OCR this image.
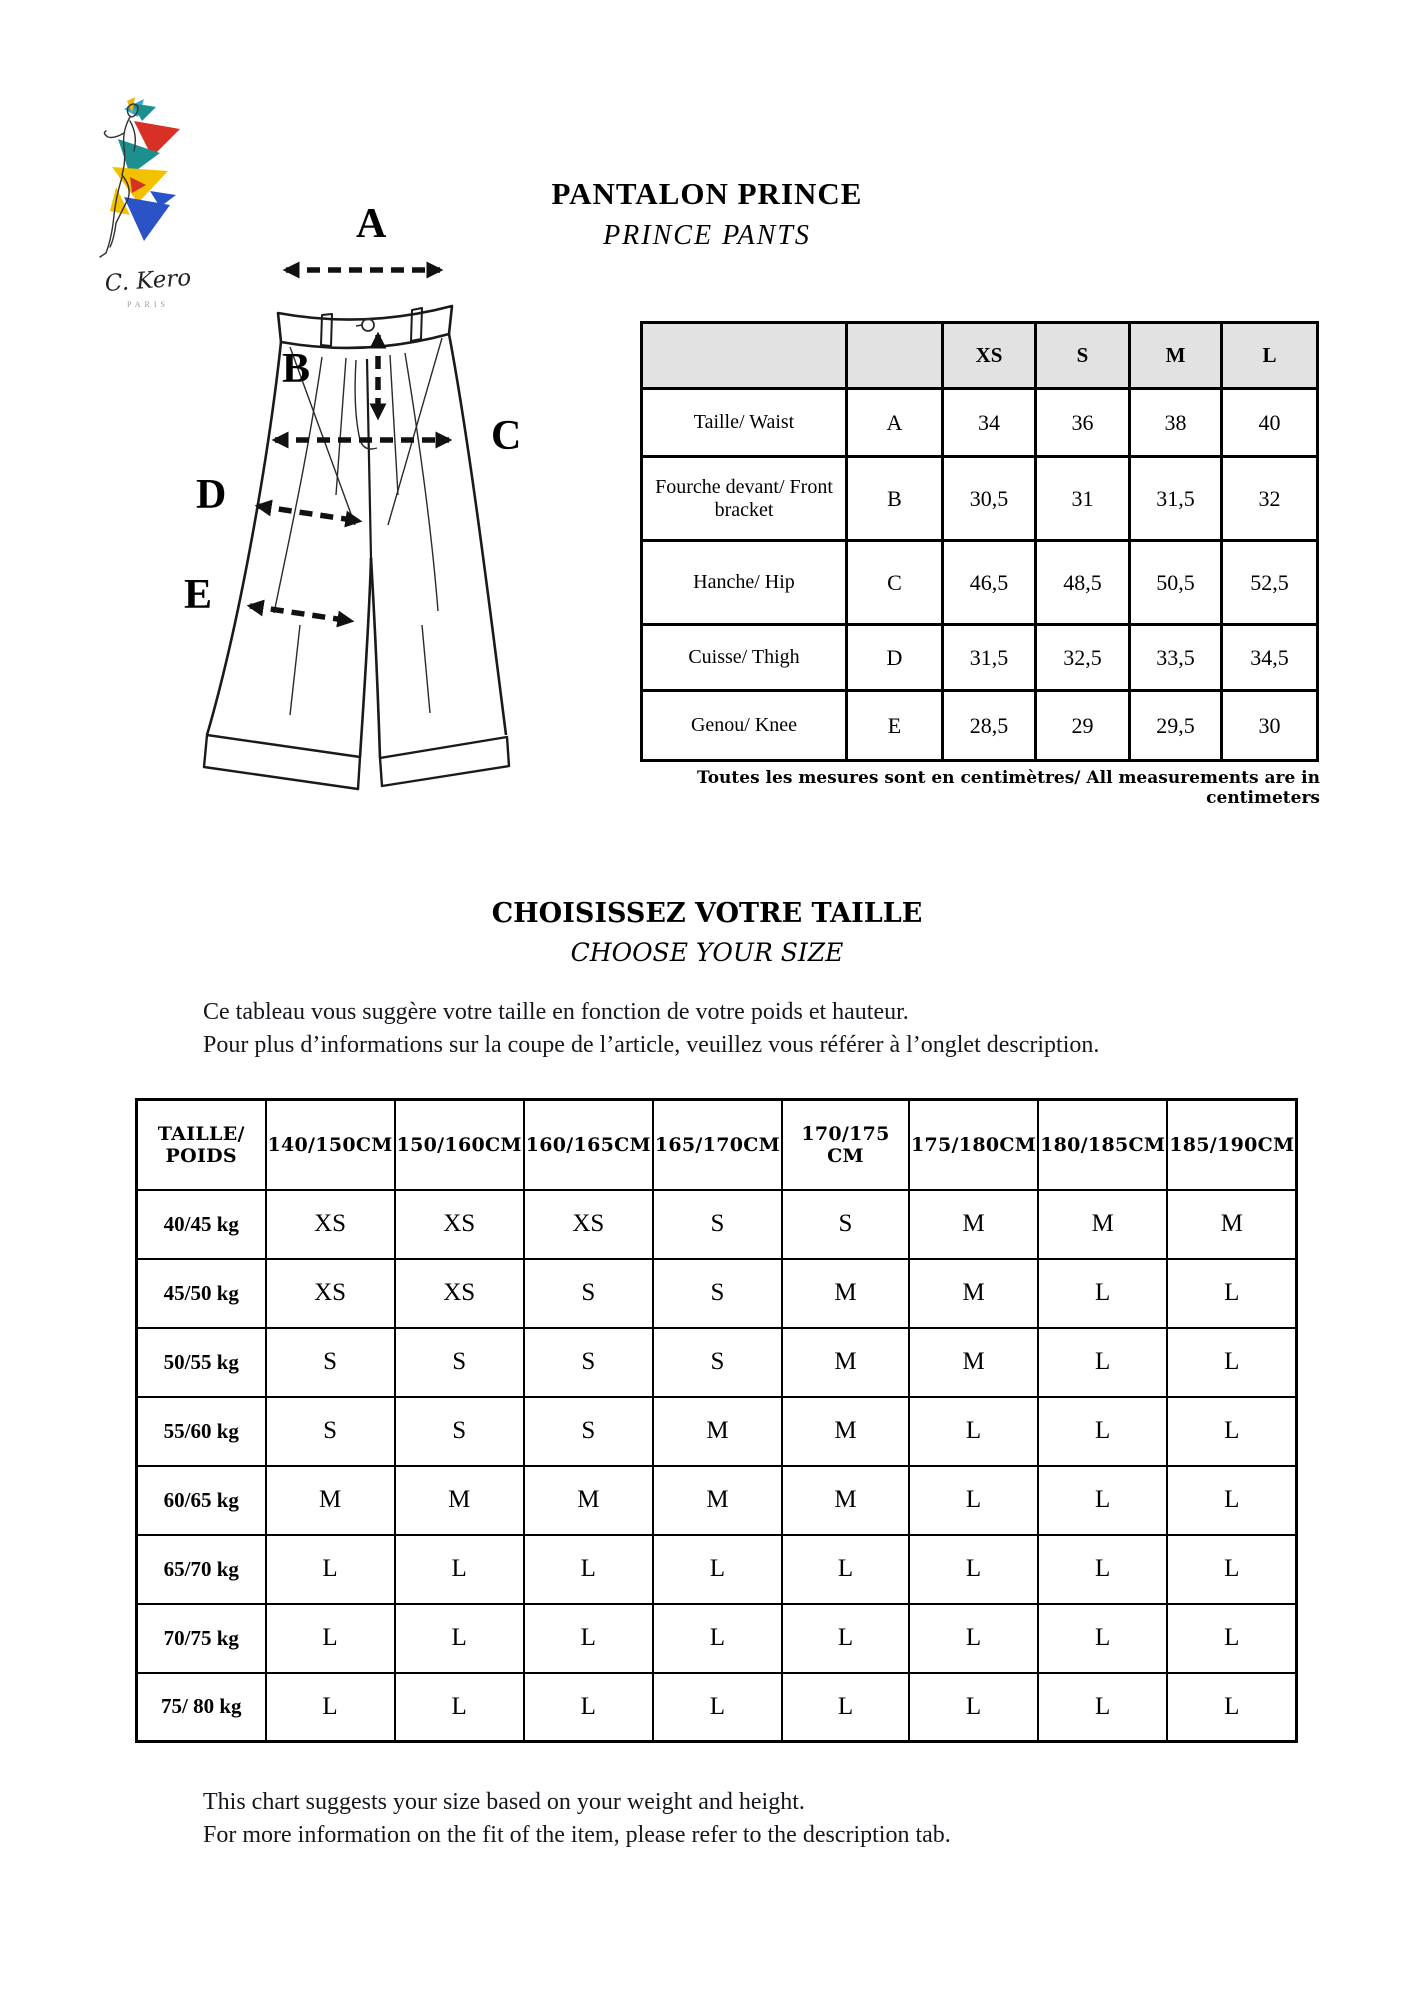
C. Kero
PARIS
PANTALON PRINCE
PRINCE PANTS
A
B
C
D
E
		XS	S	M	L
Taille/ Waist	A	34	36	38	40
Fourche devant/ Front bracket	B	30,5	31	31,5	32
Hanche/ Hip	C	46,5	48,5	50,5	52,5
Cuisse/ Thigh	D	31,5	32,5	33,5	34,5
Genou/ Knee	E	28,5	29	29,5	30
Toutes les mesures sont en centimètres/ All measurements are in centimeters
CHOISISSEZ VOTRE TAILLE
CHOOSE YOUR SIZE
Ce tableau vous suggère votre taille en fonction de votre poids et hauteur.
Pour plus d’informations sur la coupe de l’article, veuillez vous référer à l’onglet description.
TAILLE/
POIDS	140/150CM	150/160CM	160/165CM	165/170CM	170/175 CM	175/180CM	180/185CM	185/190CM
40/45 kg	XS	XS	XS	S	S	M	M	M
45/50 kg	XS	XS	S	S	M	M	L	L
50/55 kg	S	S	S	S	M	M	L	L
55/60 kg	S	S	S	M	M	L	L	L
60/65 kg	M	M	M	M	M	L	L	L
65/70 kg	L	L	L	L	L	L	L	L
70/75 kg	L	L	L	L	L	L	L	L
75/ 80 kg	L	L	L	L	L	L	L	L
This chart suggests your size based on your weight and height.
For more information on the fit of the item, please refer to the description tab.
